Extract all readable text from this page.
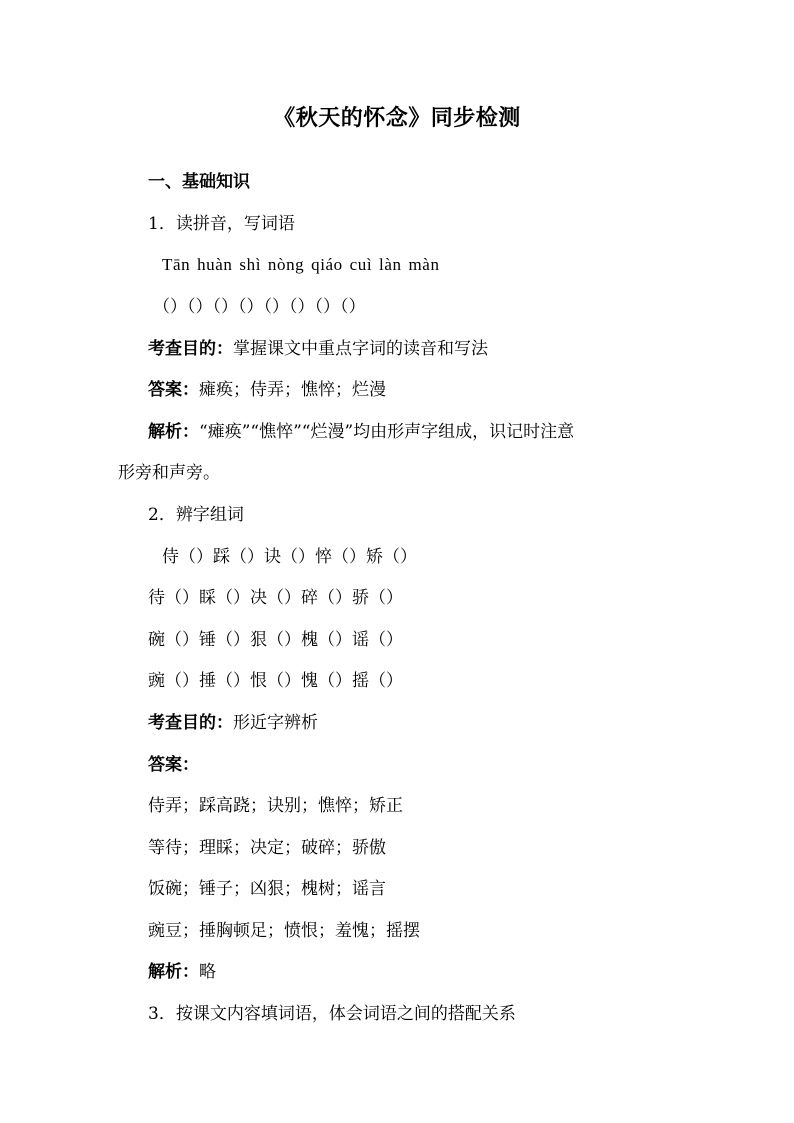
《秋天的怀念》同步检测
一、基础知识
1．读拼音，写词语
Tān huàn shì nòng qiáo cuì làn màn
（）（）（）（）（）（）（）（）
考查目的：掌握课文中重点字词的读音和写法
答案：瘫痪；侍弄；憔悴；烂漫
解析：“瘫痪”“憔悴”“烂漫”均由形声字组成，识记时注意
形旁和声旁。
2．辨字组词
侍（）踩（）诀（）悴（）矫（）
待（）睬（）决（）碎（）骄（）
碗（）锤（）狠（）槐（）谣（）
豌（）捶（）恨（）愧（）摇（）
考查目的：形近字辨析
答案：
侍弄；踩高跷；诀别；憔悴；矫正
等待；理睬；决定；破碎；骄傲
饭碗；锤子；凶狠；槐树；谣言
豌豆；捶胸顿足；愤恨；羞愧；摇摆
解析：略
3．按课文内容填词语，体会词语之间的搭配关系
